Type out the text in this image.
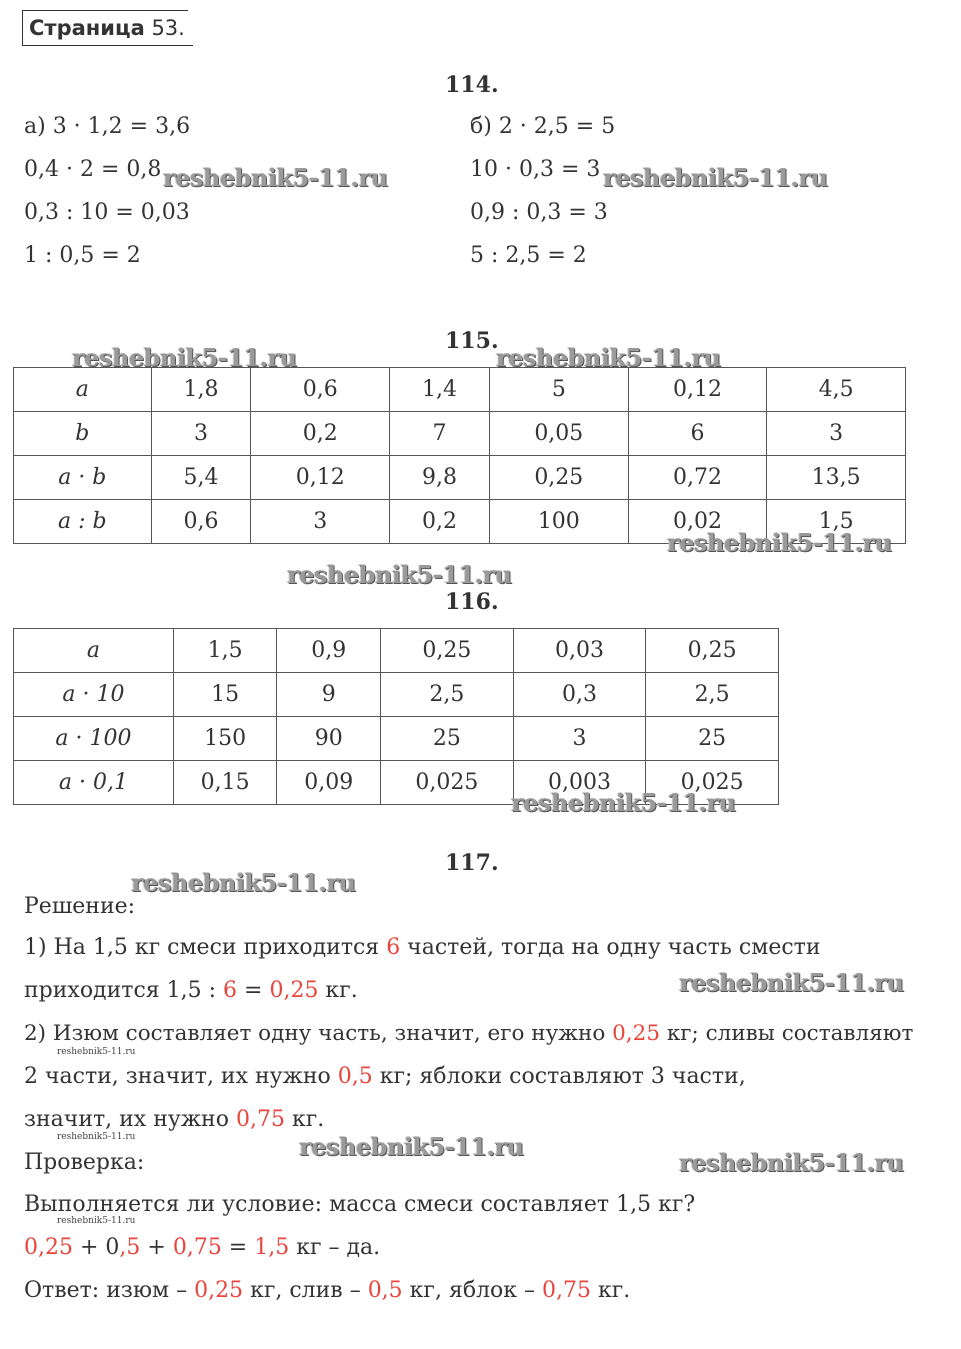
Страница 53.
114.
а) 3 · 1,2 = 3,6
0,4 · 2 = 0,8
0,3 : 10 = 0,03
1 : 0,5 = 2
б) 2 · 2,5 = 5
10 · 0,3 = 3
0,9 : 0,3 = 3
5 : 2,5 = 2
115.
a	1,8	0,6	1,4	5	0,12	4,5
b	3	0,2	7	0,05	6	3
a · b	5,4	0,12	9,8	0,25	0,72	13,5
a : b	0,6	3	0,2	100	0,02	1,5
116.
a	1,5	0,9	0,25	0,03	0,25
a · 10	15	9	2,5	0,3	2,5
a · 100	150	90	25	3	25
a · 0,1	0,15	0,09	0,025	0,003	0,025
117.
Решение:
1) На 1,5 кг смеси приходится 6 частей, тогда на одну часть смести
приходится 1,5 : 6 = 0,25 кг.
2) Изюм составляет одну часть, значит, его нужно 0,25 кг; сливы составляют
2 части, значит, их нужно 0,5 кг; яблоки составляют 3 части,
значит, их нужно 0,75 кг.
Проверка:
Выполняется ли условие: масса смеси составляет 1,5 кг?
0,25 + 0,5 + 0,75 = 1,5 кг – да.
Ответ: изюм – 0,25 кг, слив – 0,5 кг, яблок – 0,75 кг.
reshebnik5-11.ru	reshebnik5-11.ru
reshebnik5-11.ru	reshebnik5-11.ru
reshebnik5-11.ru
reshebnik5-11.ru
reshebnik5-11.ru
reshebnik5-11.ru
reshebnik5-11.ru
reshebnik5-11.ru
reshebnik5-11.ru
reshebnik5-11.ru
reshebnik5-11.ru
reshebnik5-11.ru
